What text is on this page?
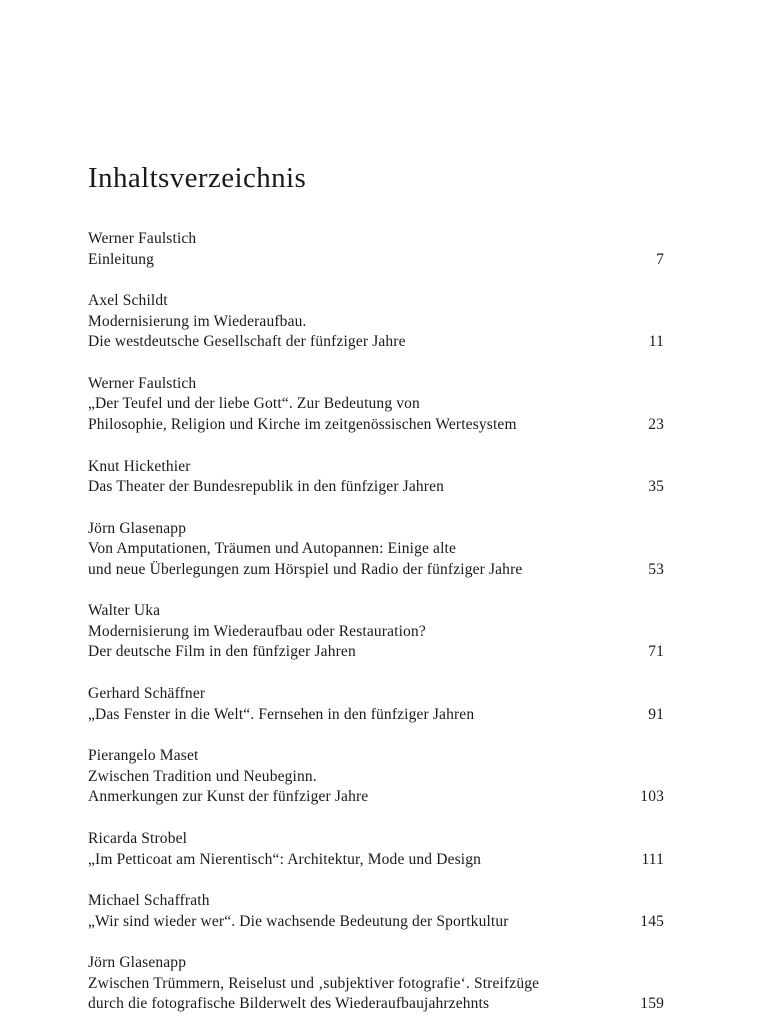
Inhaltsverzeichnis
Werner Faulstich
Einleitung	7
Axel Schildt
Modernisierung im Wiederaufbau.
Die westdeutsche Gesellschaft der fünfziger Jahre	11
Werner Faulstich
„Der Teufel und der liebe Gott“. Zur Bedeutung von
Philosophie, Religion und Kirche im zeitgenössischen Wertesystem	23
Knut Hickethier
Das Theater der Bundesrepublik in den fünfziger Jahren	35
Jörn Glasenapp
Von Amputationen, Träumen und Autopannen: Einige alte
und neue Überlegungen zum Hörspiel und Radio der fünfziger Jahre	53
Walter Uka
Modernisierung im Wiederaufbau oder Restauration?
Der deutsche Film in den fünfziger Jahren	71
Gerhard Schäffner
„Das Fenster in die Welt“. Fernsehen in den fünfziger Jahren	91
Pierangelo Maset
Zwischen Tradition und Neubeginn.
Anmerkungen zur Kunst der fünfziger Jahre	103
Ricarda Strobel
„Im Petticoat am Nierentisch“: Architektur, Mode und Design	111
Michael Schaffrath
„Wir sind wieder wer“. Die wachsende Bedeutung der Sportkultur	145
Jörn Glasenapp
Zwischen Trümmern, Reiselust und ‚subjektiver fotografie‘. Streifzüge
durch die fotografische Bilderwelt des Wiederaufbaujahrzehnts	159
